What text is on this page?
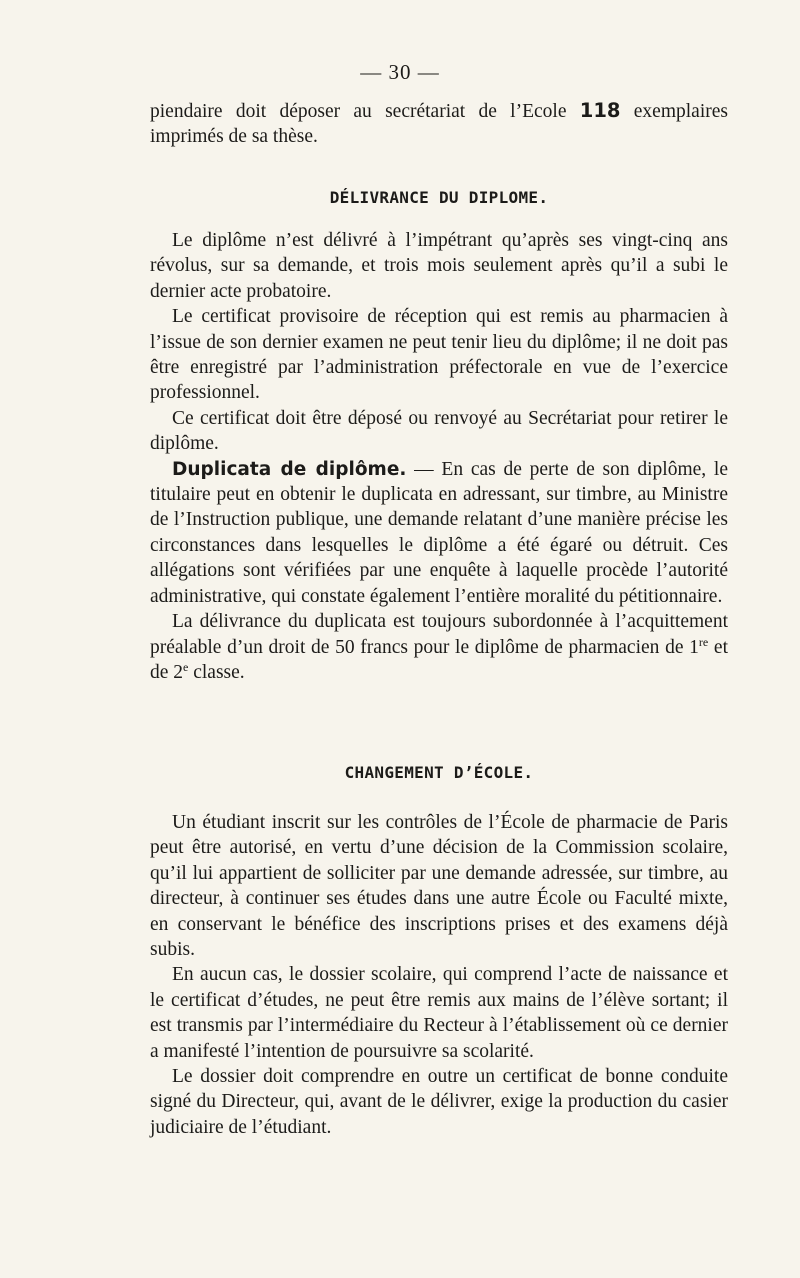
— 30 —

piendaire doit déposer au secrétariat de l’Ecole 118 exemplaires imprimés de sa thèse.

DÉLIVRANCE DU DIPLOME.

Le diplôme n’est délivré à l’impétrant qu’après ses vingt-cinq ans révolus, sur sa demande, et trois mois seulement après qu’il a subi le dernier acte probatoire.

Le certificat provisoire de réception qui est remis au pharmacien à l’issue de son dernier examen ne peut tenir lieu du diplôme; il ne doit pas être enregistré par l’administration préfectorale en vue de l’exercice professionnel.

Ce certificat doit être déposé ou renvoyé au Secrétariat pour retirer le diplôme.

Duplicata de diplôme. — En cas de perte de son diplôme, le titulaire peut en obtenir le duplicata en adressant, sur timbre, au Ministre de l’Instruction publique, une demande relatant d’une manière précise les circonstances dans lesquelles le diplôme a été égaré ou détruit. Ces allégations sont vérifiées par une enquête à laquelle procède l’autorité administrative, qui constate également l’entière moralité du pétitionnaire.

La délivrance du duplicata est toujours subordonnée à l’acquittement préalable d’un droit de 50 francs pour le diplôme de pharmacien de 1re et de 2e classe.

CHANGEMENT D’ÉCOLE.

Un étudiant inscrit sur les contrôles de l’École de pharmacie de Paris peut être autorisé, en vertu d’une décision de la Commission scolaire, qu’il lui appartient de solliciter par une demande adressée, sur timbre, au directeur, à continuer ses études dans une autre École ou Faculté mixte, en conservant le bénéfice des inscriptions prises et des examens déjà subis.

En aucun cas, le dossier scolaire, qui comprend l’acte de naissance et le certificat d’études, ne peut être remis aux mains de l’élève sortant; il est transmis par l’intermédiaire du Recteur à l’établissement où ce dernier a manifesté l’intention de poursuivre sa scolarité.

Le dossier doit comprendre en outre un certificat de bonne conduite signé du Directeur, qui, avant de le délivrer, exige la production du casier judiciaire de l’étudiant.
